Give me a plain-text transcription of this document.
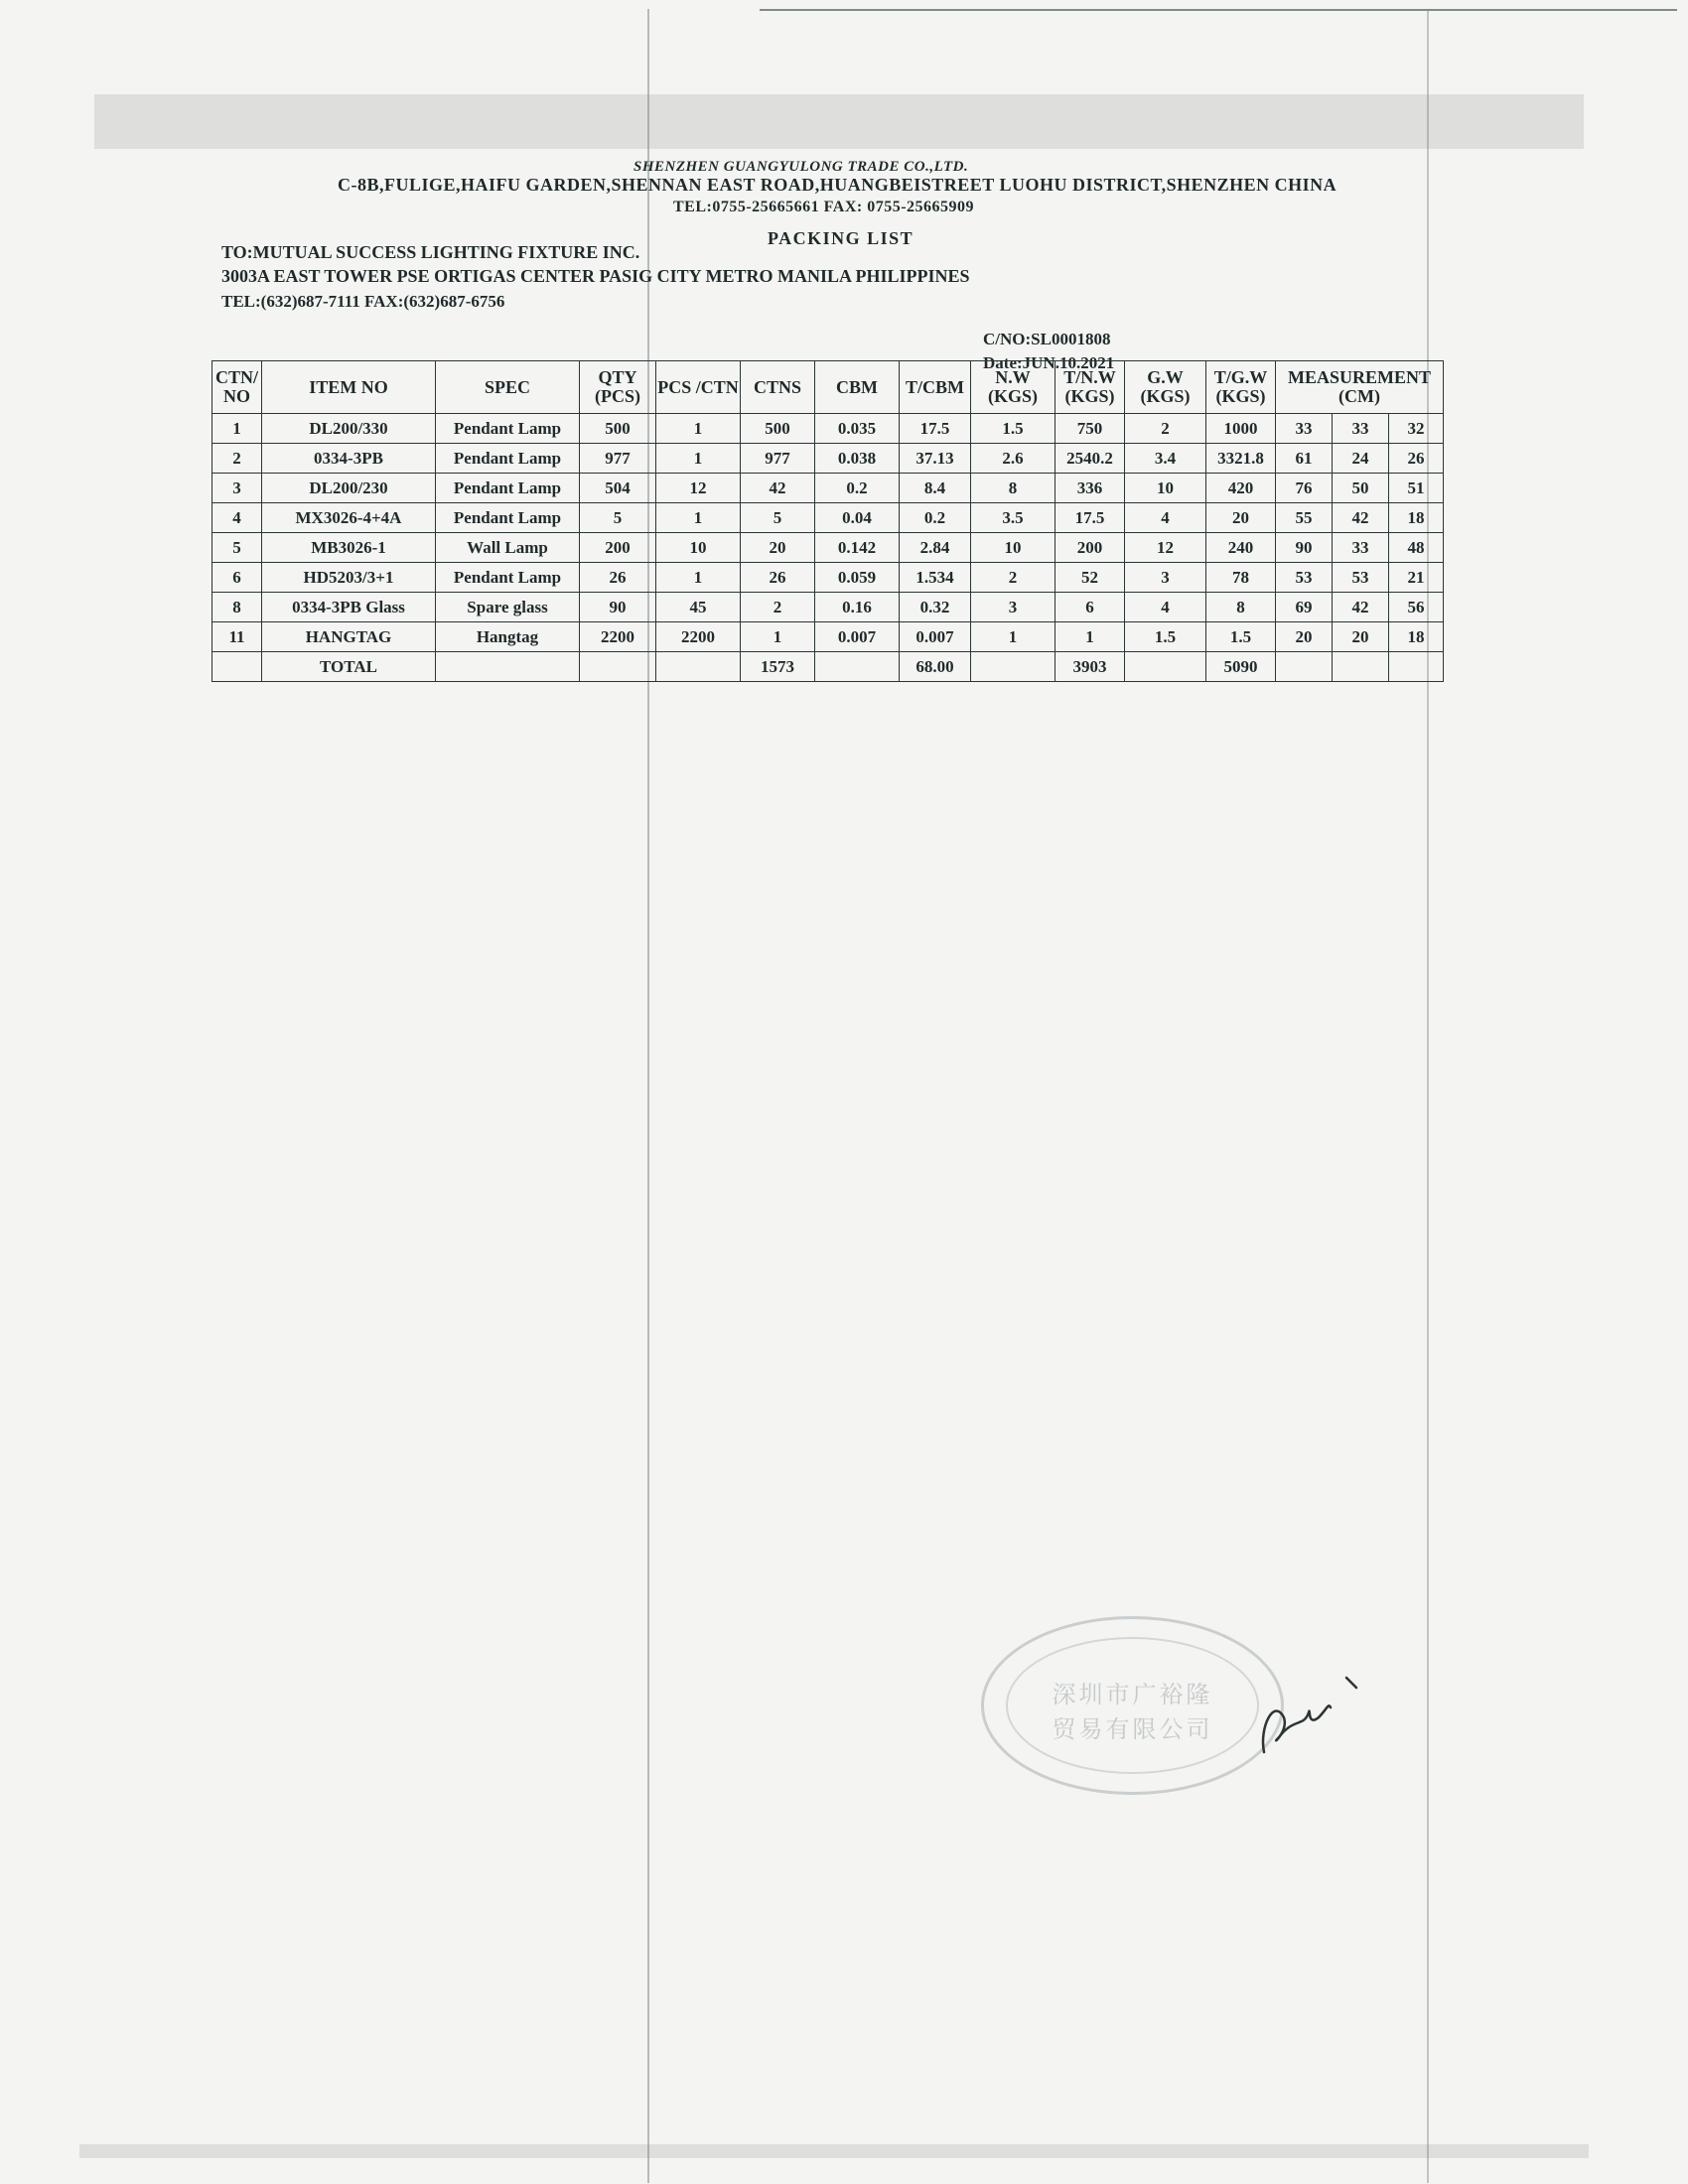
SHENZHEN GUANGYULONG TRADE CO.,LTD.
C-8B,FULIGE,HAIFU GARDEN,SHENNAN EAST ROAD,HUANGBEISTREET LUOHU DISTRICT,SHENZHEN CHINA
TEL:0755-25665661 FAX: 0755-25665909
PACKING LIST
TO:MUTUAL SUCCESS LIGHTING FIXTURE INC.
3003A EAST TOWER PSE ORTIGAS CENTER PASIG CITY METRO MANILA PHILIPPINES
TEL:(632)687-7111 FAX:(632)687-6756
C/NO:SL0001808
Date:JUN.10.2021
CTN/ NO	ITEM NO	SPEC	QTY (PCS)	PCS /CTN	CTNS	CBM	T/CBM	N.W (KGS)	T/N.W (KGS)	G.W (KGS)	T/G.W (KGS)	MEASUREMENT (CM)		
1	DL200/330	Pendant Lamp	500	1	500	0.035	17.5	1.5	750	2	1000	33	33	32
2	0334-3PB	Pendant Lamp	977	1	977	0.038	37.13	2.6	2540.2	3.4	3321.8	61	24	26
3	DL200/230	Pendant Lamp	504	12	42	0.2	8.4	8	336	10	420	76	50	51
4	MX3026-4+4A	Pendant Lamp	5	1	5	0.04	0.2	3.5	17.5	4	20	55	42	18
5	MB3026-1	Wall Lamp	200	10	20	0.142	2.84	10	200	12	240	90	33	48
6	HD5203/3+1	Pendant Lamp	26	1	26	0.059	1.534	2	52	3	78	53	53	21
8	0334-3PB Glass	Spare glass	90	45	2	0.16	0.32	3	6	4	8	69	42	56
11	HANGTAG	Hangtag	2200	2200	1	0.007	0.007	1	1	1.5	1.5	20	20	18
	TOTAL				1573		68.00		3903		5090			
深圳市广裕隆
贸易有限公司
